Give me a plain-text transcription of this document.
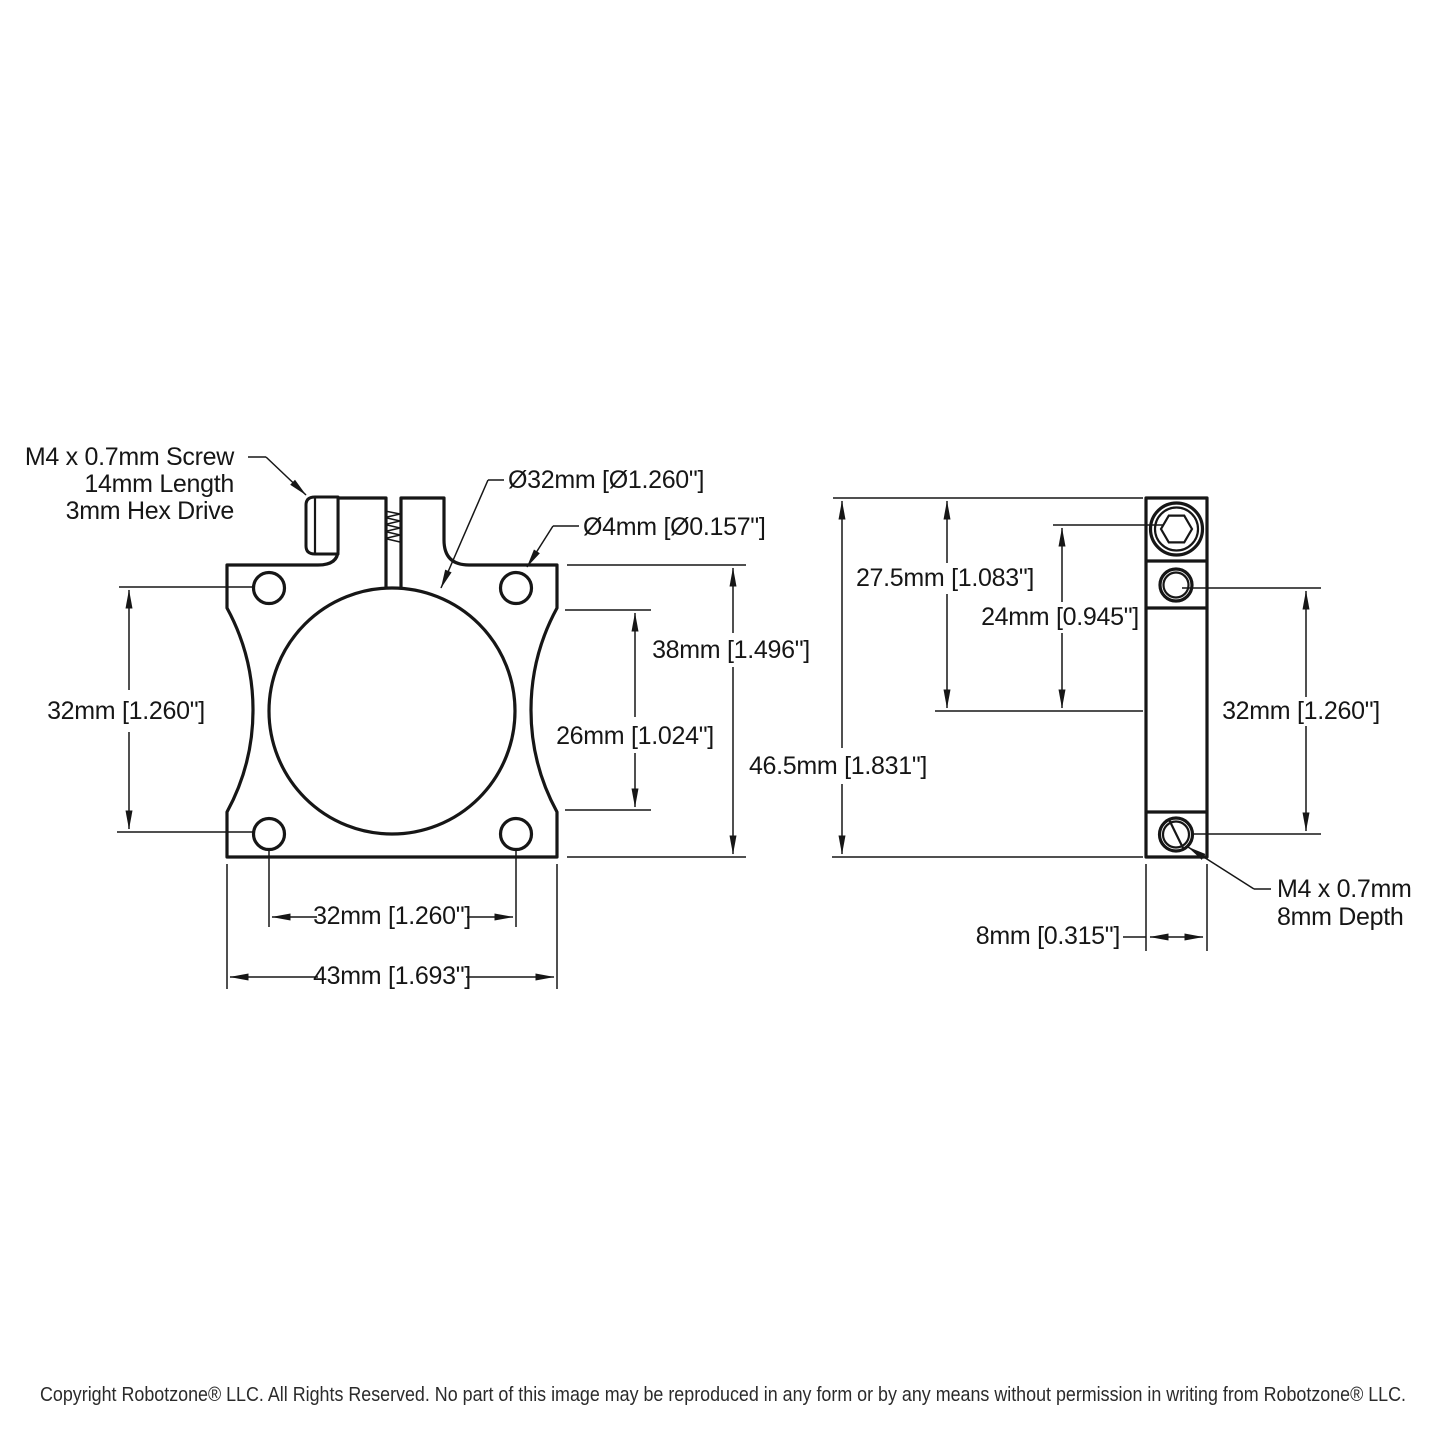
32mm [1.260"]
38mm [1.496"]
26mm [1.024"]
46.5mm [1.831"]
32mm [1.260"]
43mm [1.693"]
27.5mm [1.083"]
24mm [0.945"]
32mm [1.260"]
8mm [0.315"]
M4 x 0.7mm Screw
14mm Length
3mm Hex Drive
Ø32mm [Ø1.260"]
Ø4mm [Ø0.157"]
M4 x 0.7mm
8mm Depth
Copyright Robotzone® LLC. All Rights Reserved. No part of this image may be reproduced in any form or by any means without permission in writing from Robotzone® LLC.
